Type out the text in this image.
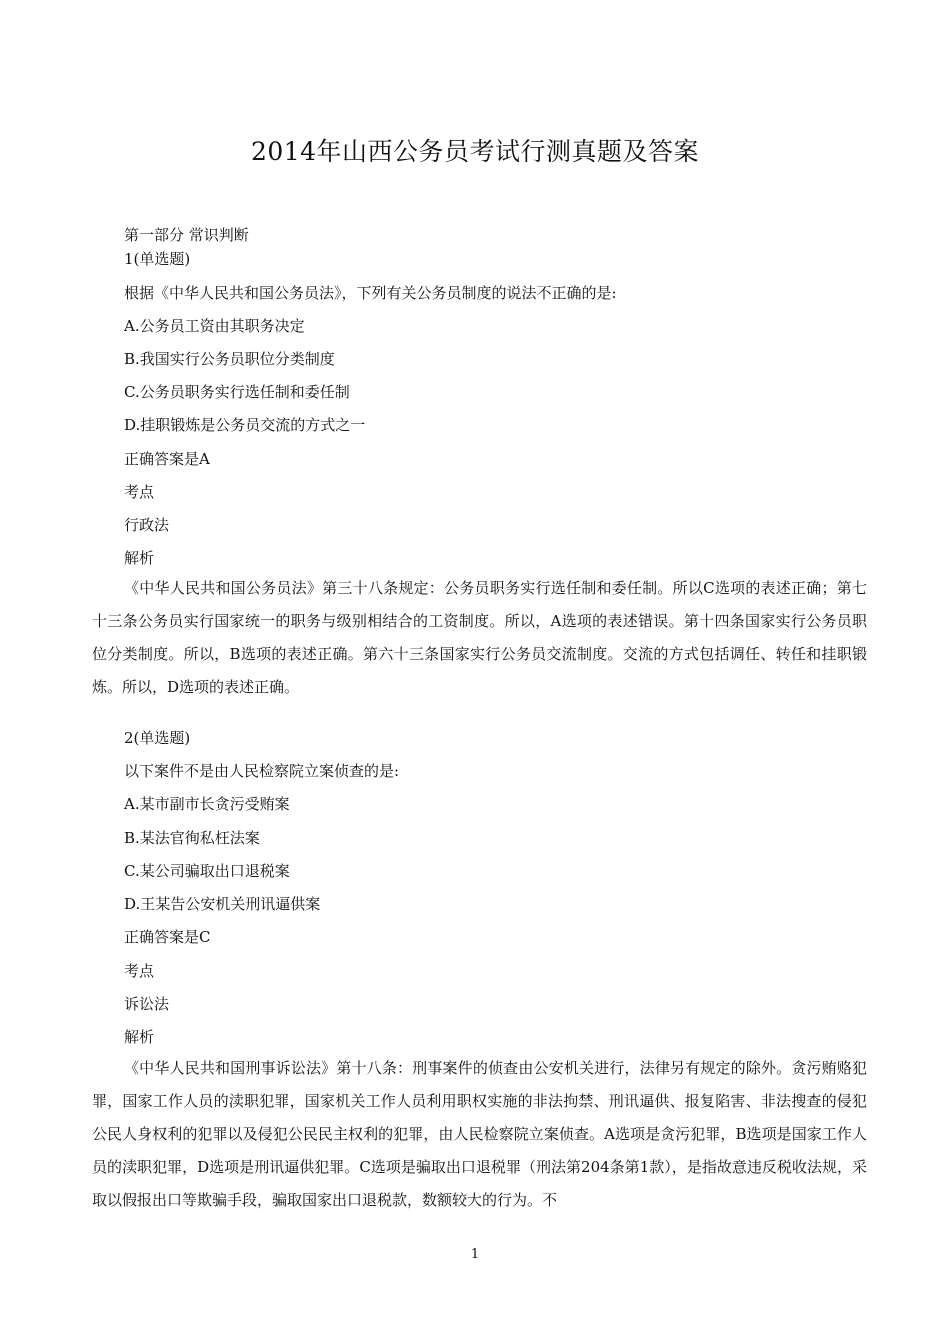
2014年山西公务员考试行测真题及答案
第一部分 常识判断
1(单选题)
根据《中华人民共和国公务员法》，下列有关公务员制度的说法不正确的是:
A.公务员工资由其职务决定
B.我国实行公务员职位分类制度
C.公务员职务实行选任制和委任制
D.挂职锻炼是公务员交流的方式之一
正确答案是A
考点
行政法
解析
《中华人民共和国公务员法》第三十八条规定：公务员职务实行选任制和委任制。所以C选项的表述正确；第七十三条公务员实行国家统一的职务与级别相结合的工资制度。所以，A选项的表述错误。第十四条国家实行公务员职位分类制度。所以，B选项的表述正确。第六十三条国家实行公务员交流制度。交流的方式包括调任、转任和挂职锻炼。所以，D选项的表述正确。
2(单选题)
以下案件不是由人民检察院立案侦查的是:
A.某市副市长贪污受贿案
B.某法官徇私枉法案
C.某公司骗取出口退税案
D.王某告公安机关刑讯逼供案
正确答案是C
考点
诉讼法
解析
《中华人民共和国刑事诉讼法》第十八条：刑事案件的侦查由公安机关进行，法律另有规定的除外。贪污贿赂犯罪，国家工作人员的渎职犯罪，国家机关工作人员利用职权实施的非法拘禁、刑讯逼供、报复陷害、非法搜查的侵犯公民人身权利的犯罪以及侵犯公民民主权利的犯罪，由人民检察院立案侦查。A选项是贪污犯罪，B选项是国家工作人员的渎职犯罪，D选项是刑讯逼供犯罪。C选项是骗取出口退税罪（刑法第204条第1款），是指故意违反税收法规，采取以假报出口等欺骗手段，骗取国家出口退税款，数额较大的行为。不
1
